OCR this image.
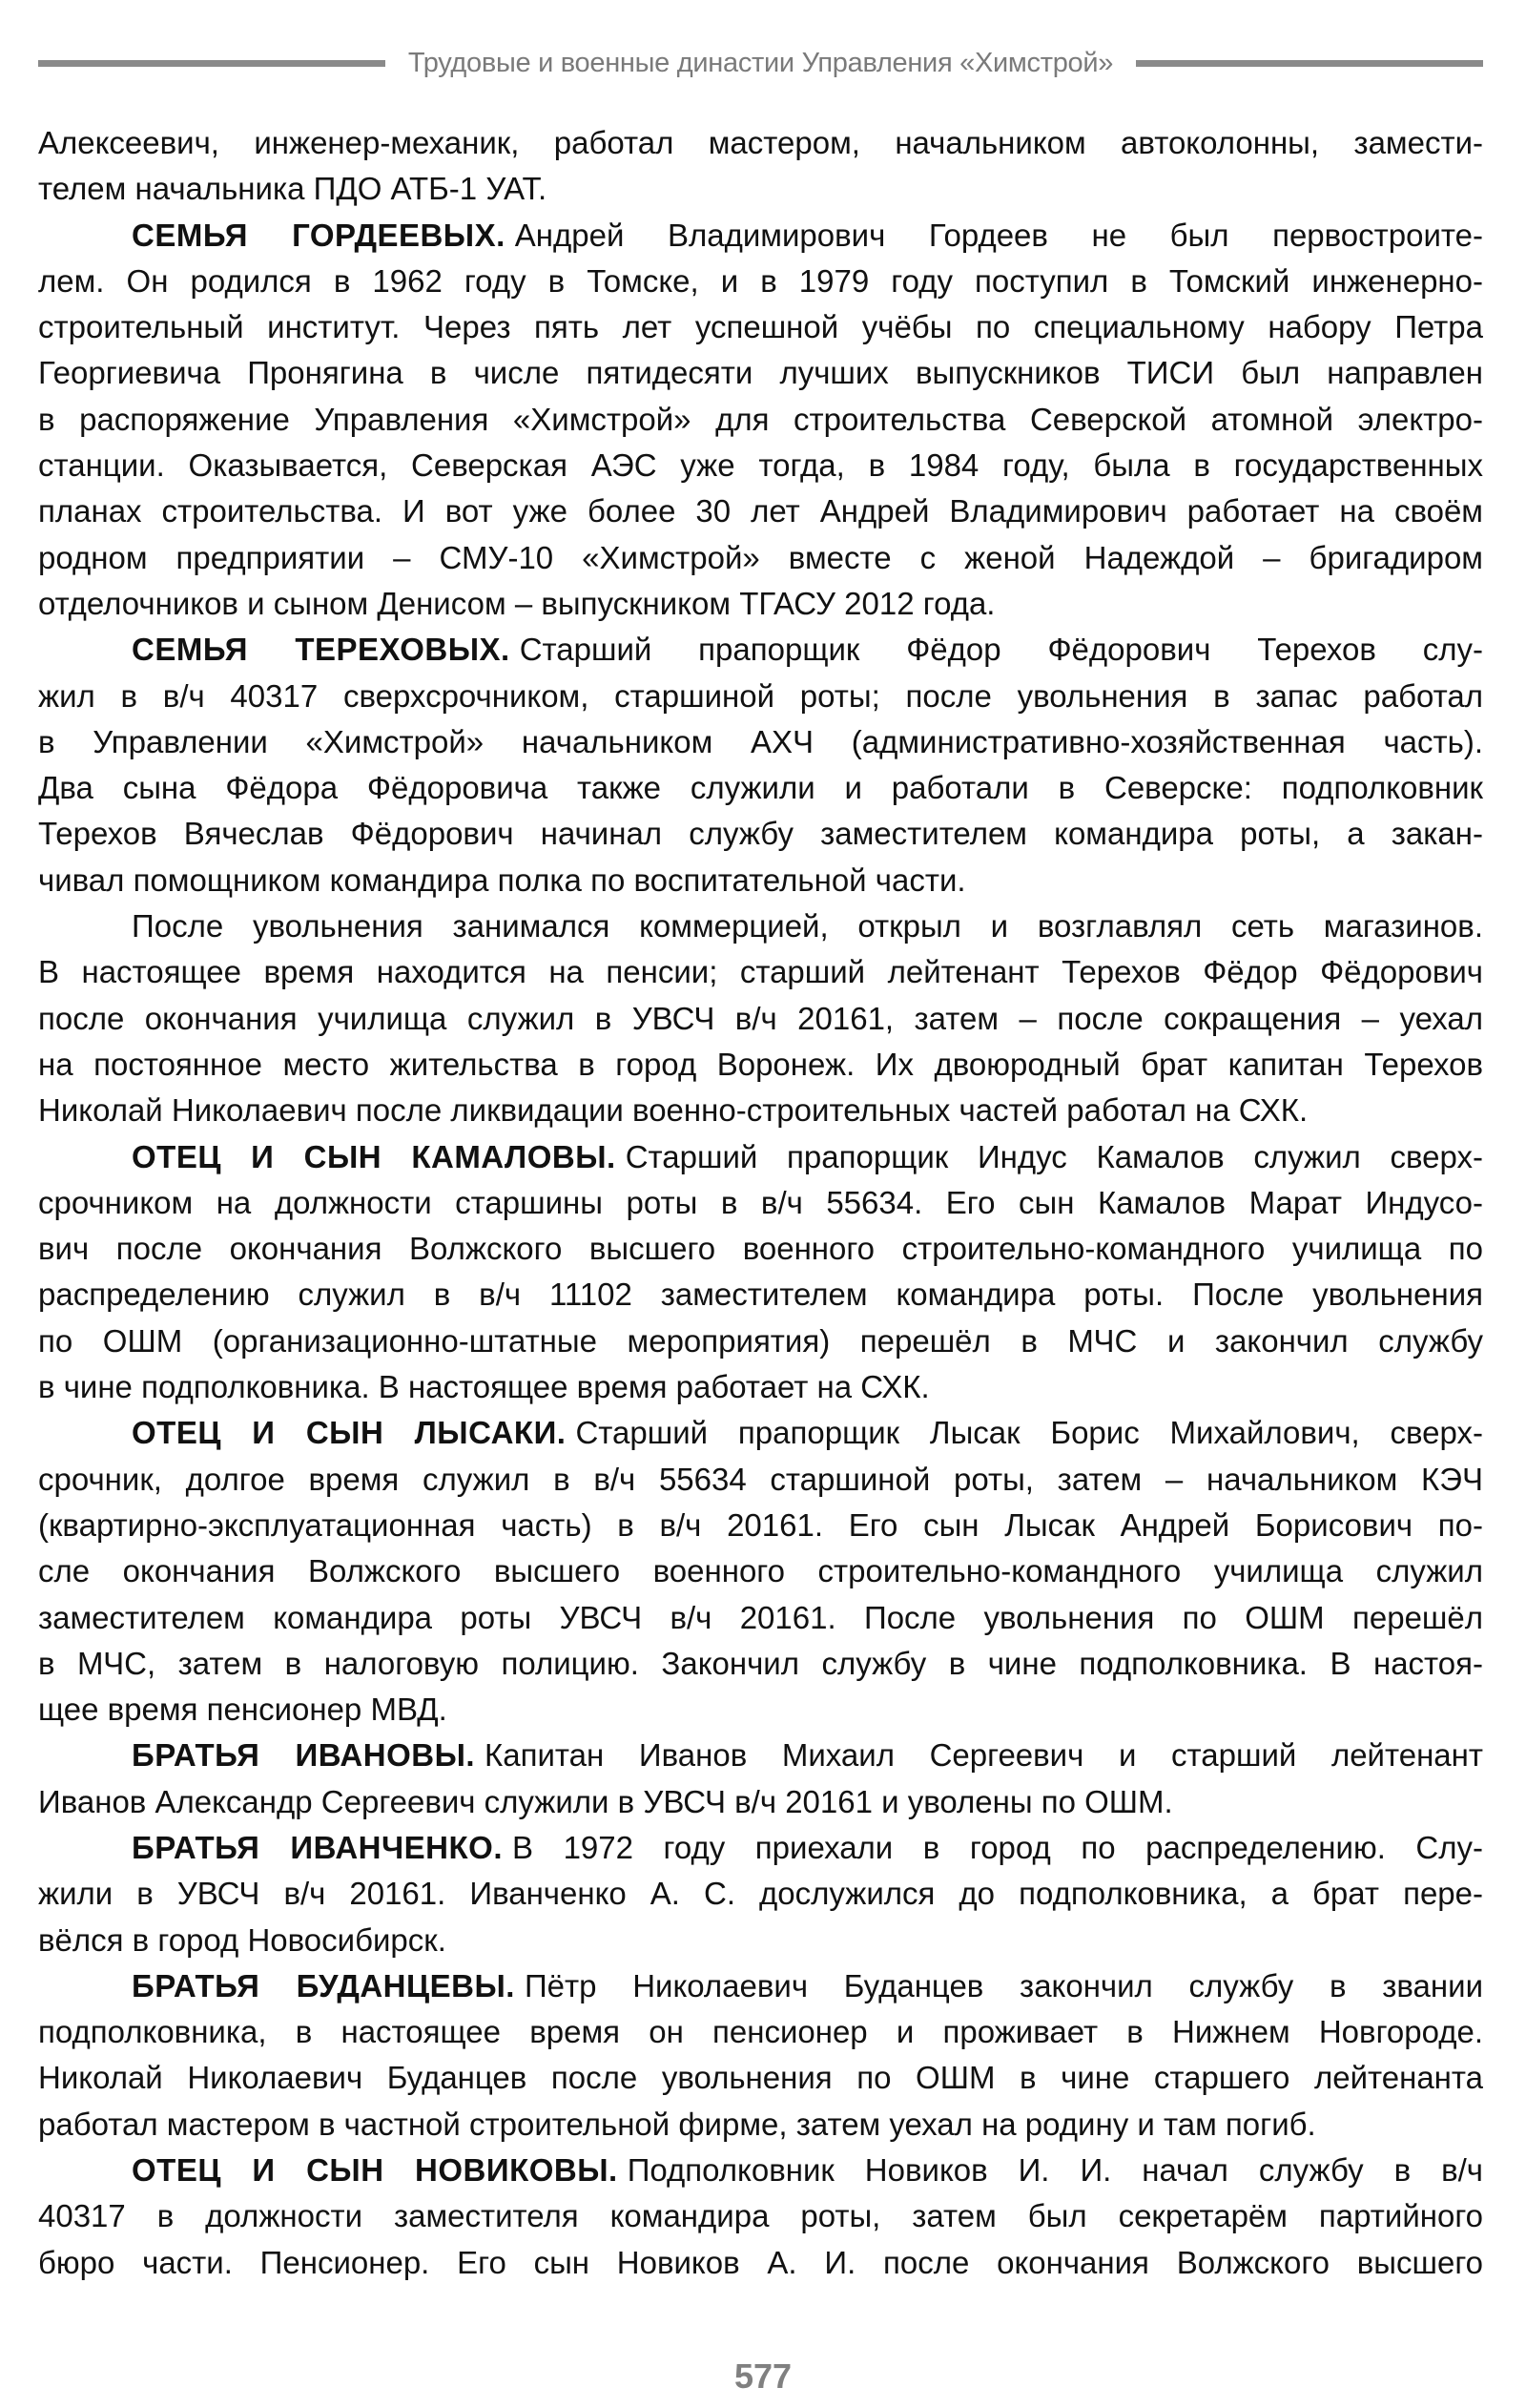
Трудовые и военные династии Управления «Химстрой»
Алексеевич, инженер-механик, работал мастером, начальником автоколонны, замести-
телем начальника ПДО АТБ-1 УАТ.
СЕМЬЯ ГОРДЕЕВЫХ. Андрей Владимирович Гордеев не был первостроите-
лем. Он родился в 1962 году в Томске, и в 1979 году поступил в Томский инженерно-
строительный институт. Через пять лет успешной учёбы по специальному набору Петра
Георгиевича Пронягина в числе пятидесяти лучших выпускников ТИСИ был направлен
в распоряжение Управления «Химстрой» для строительства Северской атомной электро-
станции. Оказывается, Северская АЭС уже тогда, в 1984 году, была в государственных
планах строительства. И вот уже более 30 лет Андрей Владимирович работает на своём
родном предприятии – СМУ-10 «Химстрой» вместе с женой Надеждой – бригадиром
отделочников и сыном Денисом – выпускником ТГАСУ 2012 года.
СЕМЬЯ ТЕРЕХОВЫХ. Старший прапорщик Фёдор Фёдорович Терехов слу-
жил в в/ч 40317 сверхсрочником, старшиной роты; после увольнения в запас работал
в Управлении «Химстрой» начальником АХЧ (административно-хозяйственная часть).
Два сына Фёдора Фёдоровича также служили и работали в Северске: подполковник
Терехов Вячеслав Фёдорович начинал службу заместителем командира роты, а закан-
чивал помощником командира полка по воспитательной части.
После увольнения занимался коммерцией, открыл и возглавлял сеть магазинов.
В настоящее время находится на пенсии; старший лейтенант Терехов Фёдор Фёдорович
после окончания училища служил в УВСЧ в/ч 20161, затем – после сокращения – уехал
на постоянное место жительства в город Воронеж. Их двоюродный брат капитан Терехов
Николай Николаевич после ликвидации военно-строительных частей работал на СХК.
ОТЕЦ И СЫН КАМАЛОВЫ. Старший прапорщик Индус Камалов служил сверх-
срочником на должности старшины роты в в/ч 55634. Его сын Камалов Марат Индусо-
вич после окончания Волжского высшего военного строительно-командного училища по
распределению служил в в/ч 11102 заместителем командира роты. После увольнения
по ОШМ (организационно-штатные мероприятия) перешёл в МЧС и закончил службу
в чине подполковника. В настоящее время работает на СХК.
ОТЕЦ И СЫН ЛЫСАКИ. Старший прапорщик Лысак Борис Михайлович, сверх-
срочник, долгое время служил в в/ч 55634 старшиной роты, затем – начальником КЭЧ
(квартирно-эксплуатационная часть) в в/ч 20161. Его сын Лысак Андрей Борисович по-
сле окончания Волжского высшего военного строительно-командного училища служил
заместителем командира роты УВСЧ в/ч 20161. После увольнения по ОШМ перешёл
в МЧС, затем в налоговую полицию. Закончил службу в чине подполковника. В настоя-
щее время пенсионер МВД.
БРАТЬЯ ИВАНОВЫ. Капитан Иванов Михаил Сергеевич и старший лейтенант
Иванов Александр Сергеевич служили в УВСЧ в/ч 20161 и уволены по ОШМ.
БРАТЬЯ ИВАНЧЕНКО. В 1972 году приехали в город по распределению. Слу-
жили в УВСЧ в/ч 20161. Иванченко А. С. дослужился до подполковника, а брат пере-
вёлся в город Новосибирск.
БРАТЬЯ БУДАНЦЕВЫ. Пётр Николаевич Буданцев закончил службу в звании
подполковника, в настоящее время он пенсионер и проживает в Нижнем Новгороде.
Николай Николаевич Буданцев после увольнения по ОШМ в чине старшего лейтенанта
работал мастером в частной строительной фирме, затем уехал на родину и там погиб.
ОТЕЦ И СЫН НОВИКОВЫ. Подполковник Новиков И. И. начал службу в в/ч
40317 в должности заместителя командира роты, затем был секретарём партийного
бюро части. Пенсионер. Его сын Новиков А. И. после окончания Волжского высшего
577
